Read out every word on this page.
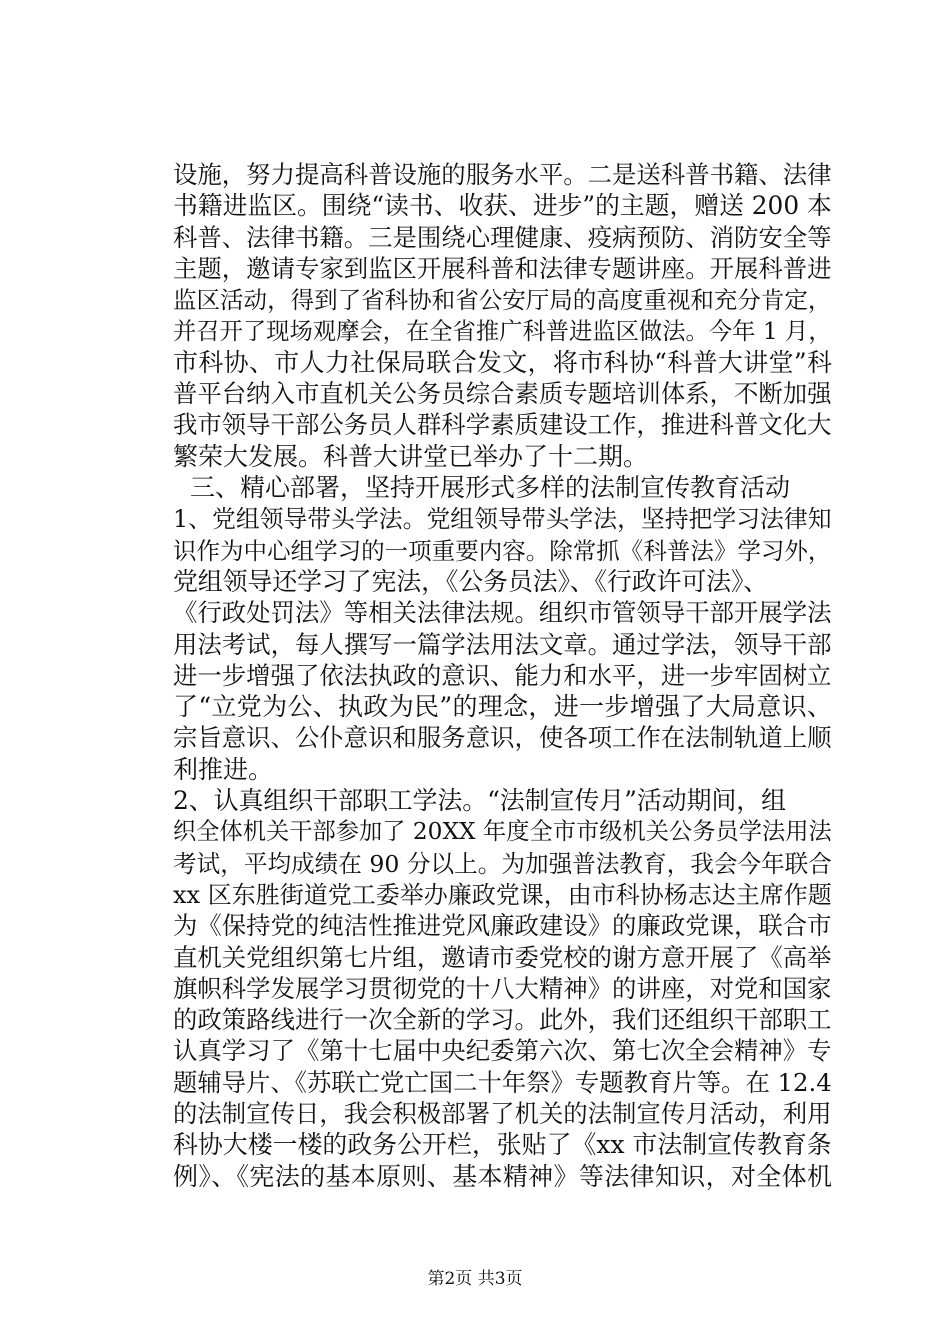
设施，努力提高科普设施的服务水平。二是送科普书籍、法律
书籍进监区。围绕“读书、收获、进步”的主题，赠送 200 本
科普、法律书籍。三是围绕心理健康、疫病预防、消防安全等
主题，邀请专家到监区开展科普和法律专题讲座。开展科普进
监区活动，得到了省科协和省公安厅局的高度重视和充分肯定，
并召开了现场观摩会，在全省推广科普进监区做法。今年 1 月，
市科协、市人力社保局联合发文，将市科协“科普大讲堂”科
普平台纳入市直机关公务员综合素质专题培训体系，不断加强
我市领导干部公务员人群科学素质建设工作，推进科普文化大
繁荣大发展。科普大讲堂已举办了十二期。
三、精心部署，坚持开展形式多样的法制宣传教育活动
1、党组领导带头学法。党组领导带头学法，坚持把学习法律知
识作为中心组学习的一项重要内容。除常抓《科普法》学习外，
党组领导还学习了宪法，《公务员法》、《行政许可法》、
《行政处罚法》等相关法律法规。组织市管领导干部开展学法
用法考试，每人撰写一篇学法用法文章。通过学法，领导干部
进一步增强了依法执政的意识、能力和水平，进一步牢固树立
了“立党为公、执政为民”的理念，进一步增强了大局意识、
宗旨意识、公仆意识和服务意识，使各项工作在法制轨道上顺
利推进。
2、认真组织干部职工学法。“法制宣传月”活动期间，组
织全体机关干部参加了 20XX 年度全市市级机关公务员学法用法
考试，平均成绩在 90 分以上。为加强普法教育，我会今年联合
xx 区东胜街道党工委举办廉政党课，由市科协杨志达主席作题
为《保持党的纯洁性推进党风廉政建设》的廉政党课，联合市
直机关党组织第七片组，邀请市委党校的谢方意开展了《高举
旗帜科学发展学习贯彻党的十八大精神》的讲座，对党和国家
的政策路线进行一次全新的学习。此外，我们还组织干部职工
认真学习了《第十七届中央纪委第六次、第七次全会精神》专
题辅导片、《苏联亡党亡国二十年祭》专题教育片等。在 12.4
的法制宣传日，我会积极部署了机关的法制宣传月活动，利用
科协大楼一楼的政务公开栏，张贴了《xx 市法制宣传教育条
例》、《宪法的基本原则、基本精神》等法律知识，对全体机
第2页 共3页
